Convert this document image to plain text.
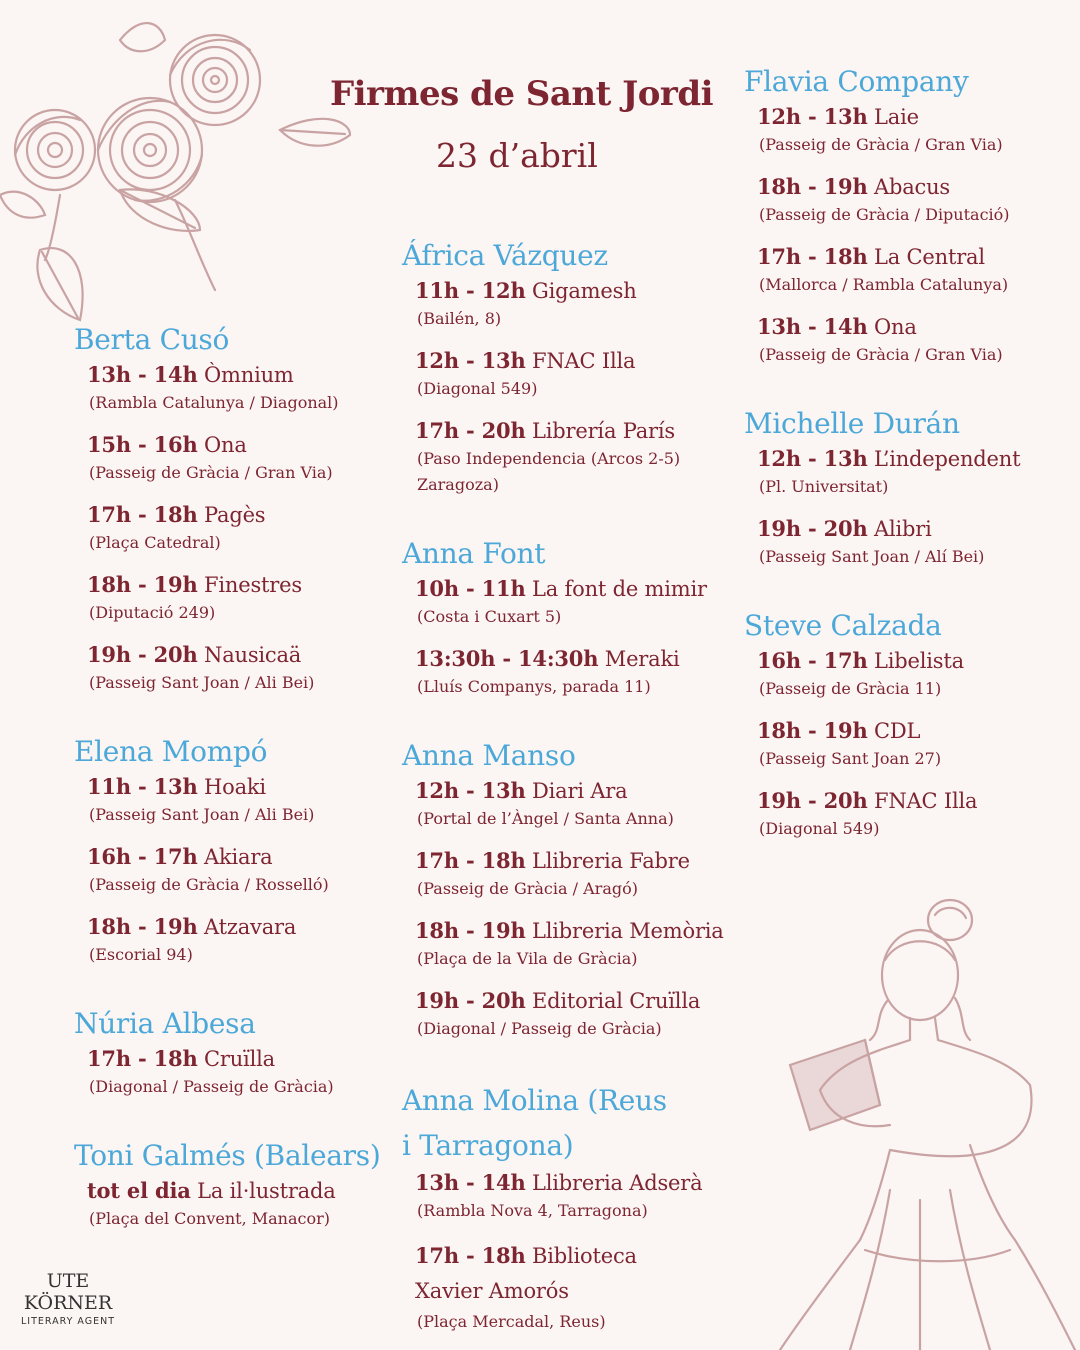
Firmes de Sant Jordi
23 d’abril
Berta Cusó
13h - 14h Òmnium
(Rambla Catalunya / Diagonal)
15h - 16h Ona
(Passeig de Gràcia / Gran Via)
17h - 18h Pagès
(Plaça Catedral)
18h - 19h Finestres
(Diputació 249)
19h - 20h Nausicaä
(Passeig Sant Joan / Ali Bei)
Elena Mompó
11h - 13h Hoaki
(Passeig Sant Joan / Ali Bei)
16h - 17h Akiara
(Passeig de Gràcia / Rosselló)
18h - 19h Atzavara
(Escorial 94)
Núria Albesa
17h - 18h Cruïlla
(Diagonal / Passeig de Gràcia)
Toni Galmés (Balears)
tot el dia La il·lustrada
(Plaça del Convent, Manacor)
África Vázquez
11h - 12h Gigamesh
(Bailén, 8)
12h - 13h FNAC Illa
(Diagonal 549)
17h - 20h Librería París
(Paso Independencia (Arcos 2-5) Zaragoza)
Anna Font
10h - 11h La font de mimir
(Costa i Cuxart 5)
13:30h - 14:30h Meraki
(Lluís Companys, parada 11)
Anna Manso
12h - 13h Diari Ara
(Portal de l’Àngel / Santa Anna)
17h - 18h Llibreria Fabre
(Passeig de Gràcia / Aragó)
18h - 19h Llibreria Memòria
(Plaça de la Vila de Gràcia)
19h - 20h Editorial Cruïlla
(Diagonal / Passeig de Gràcia)
Anna Molina (Reus i Tarragona)
13h - 14h Llibreria Adserà
(Rambla Nova 4, Tarragona)
17h - 18h Biblioteca Xavier Amorós
(Plaça Mercadal, Reus)
Flavia Company
12h - 13h Laie
(Passeig de Gràcia / Gran Via)
18h - 19h Abacus
(Passeig de Gràcia / Diputació)
17h - 18h La Central
(Mallorca / Rambla Catalunya)
13h - 14h Ona
(Passeig de Gràcia / Gran Via)
Michelle Durán
12h - 13h L’independent
(Pl. Universitat)
19h - 20h Alibri
(Passeig Sant Joan / Alí Bei)
Steve Calzada
16h - 17h Libelista
(Passeig de Gràcia 11)
18h - 19h CDL
(Passeig Sant Joan 27)
19h - 20h FNAC Illa
(Diagonal 549)
UTE
KÖRNER
LITERARY AGENT
